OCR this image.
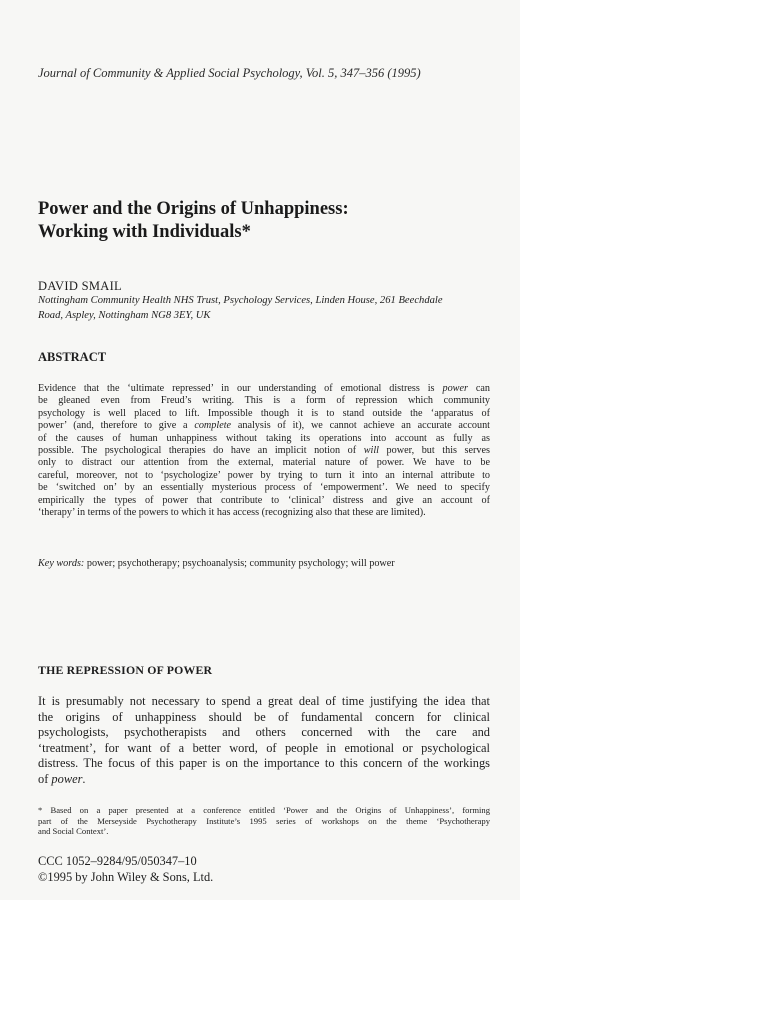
Journal of Community & Applied Social Psychology, Vol. 5, 347–356 (1995)
Power and the Origins of Unhappiness:
Working with Individuals*
DAVID SMAIL
Nottingham Community Health NHS Trust, Psychology Services, Linden House, 261 Beechdale
Road, Aspley, Nottingham NG8 3EY, UK
ABSTRACT
Evidence that the ‘ultimate repressed’ in our understanding of emotional distress is power can
be gleaned even from Freud’s writing. This is a form of repression which community
psychology is well placed to lift. Impossible though it is to stand outside the ‘apparatus of
power’ (and, therefore to give a complete analysis of it), we cannot achieve an accurate account
of the causes of human unhappiness without taking its operations into account as fully as
possible. The psychological therapies do have an implicit notion of will power, but this serves
only to distract our attention from the external, material nature of power. We have to be
careful, moreover, not to ‘psychologize’ power by trying to turn it into an internal attribute to
be ‘switched on’ by an essentially mysterious process of ‘empowerment’. We need to specify
empirically the types of power that contribute to ‘clinical’ distress and give an account of
‘therapy’ in terms of the powers to which it has access (recognizing also that these are limited).
Key words: power; psychotherapy; psychoanalysis; community psychology; will power
THE REPRESSION OF POWER
It is presumably not necessary to spend a great deal of time justifying the idea that
the origins of unhappiness should be of fundamental concern for clinical
psychologists, psychotherapists and others concerned with the care and
‘treatment’, for want of a better word, of people in emotional or psychological
distress. The focus of this paper is on the importance to this concern of the workings
of power.
* Based on a paper presented at a conference entitled ‘Power and the Origins of Unhappiness’, forming
part of the Merseyside Psychotherapy Institute’s 1995 series of workshops on the theme ‘Psychotherapy
and Social Context’.
CCC 1052–9284/95/050347–10
©1995 by John Wiley & Sons, Ltd.
